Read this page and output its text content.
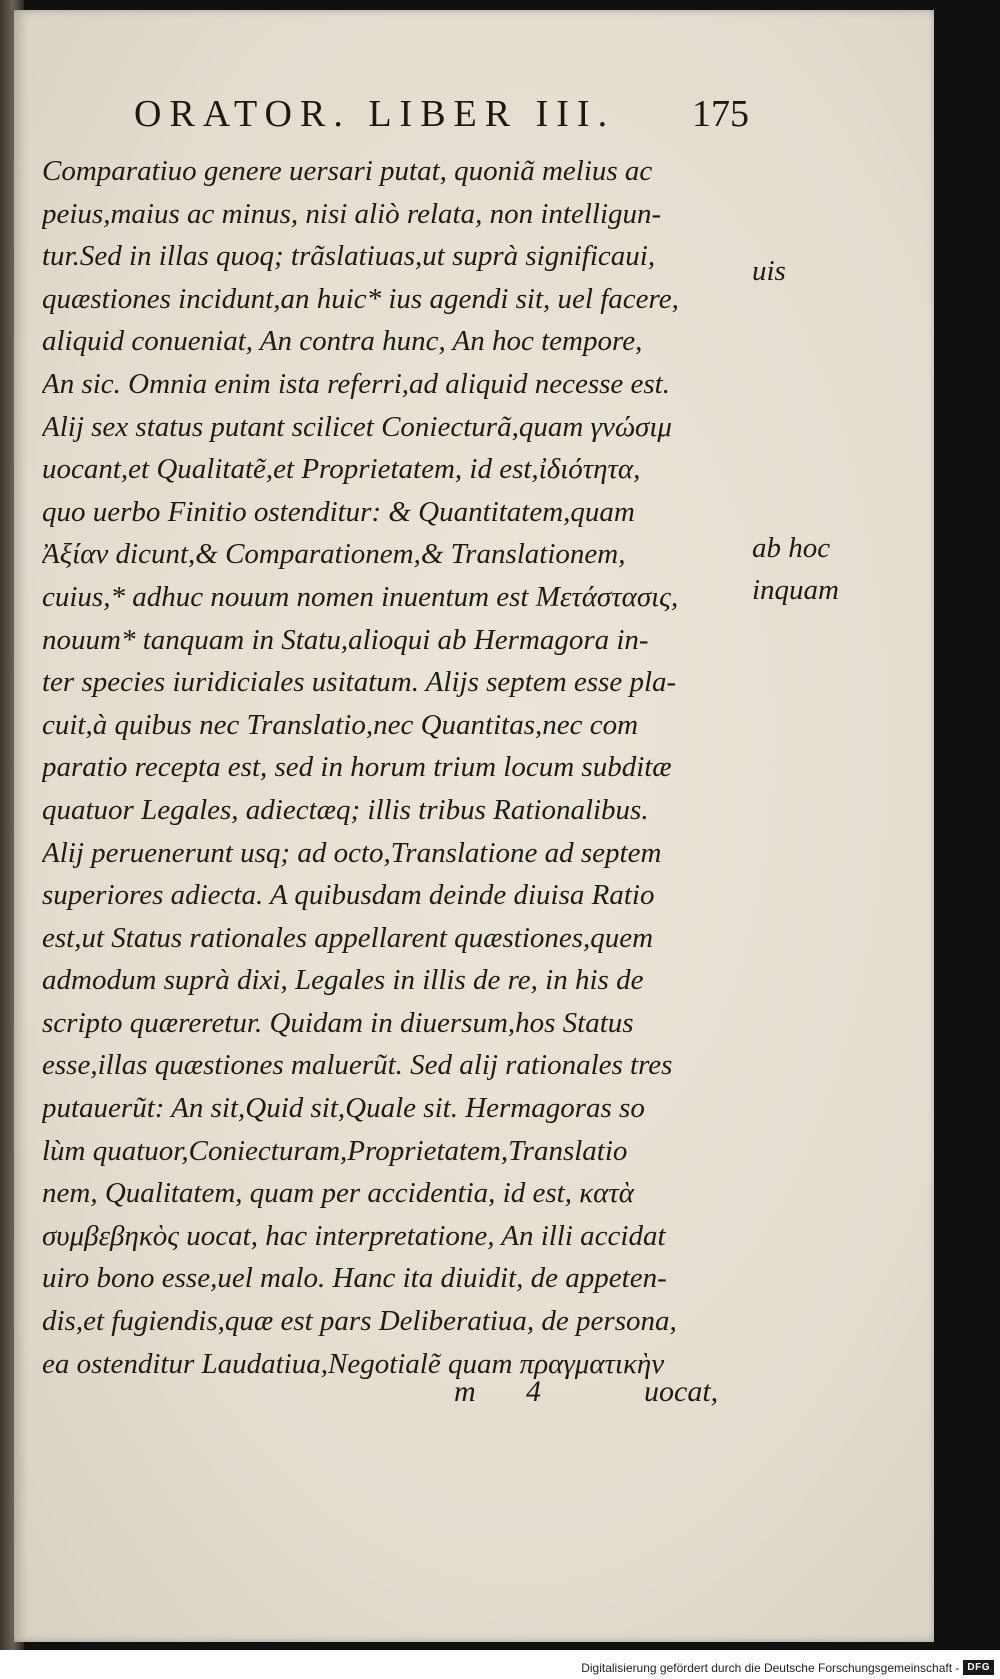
ORATOR. LIBER III.	175
Comparatiuo genere uersari putat, quoniã melius ac
peius,maius ac minus, nisi aliò relata, non intelligun-
tur.Sed in illas quoq; trãslatiuas,ut suprà significaui,
quæstiones incidunt,an huic* ius agendi sit, uel facere,
aliquid conueniat, An contra hunc, An hoc tempore,
An sic. Omnia enim ista referri,ad aliquid necesse est.
Alij sex status putant scilicet Coniecturã,quam γνώσιμ
uocant,et Qualitatẽ,et Proprietatem, id est,ἰδιότητα,
quo uerbo Finitio ostenditur: & Quantitatem,quam
Ἀξίαν dicunt,& Comparationem,& Translationem,
cuius,* adhuc nouum nomen inuentum est Μετάστασις,
nouum* tanquam in Statu,alioqui ab Hermagora in-
ter species iuridiciales usitatum. Alijs septem esse pla-
cuit,à quibus nec Translatio,nec Quantitas,nec com
paratio recepta est, sed in horum trium locum subditæ
quatuor Legales, adiectæq; illis tribus Rationalibus.
Alij peruenerunt usq; ad octo,Translatione ad septem
superiores adiecta. A quibusdam deinde diuisa Ratio
est,ut Status rationales appellarent quæstiones,quem
admodum suprà dixi, Legales in illis de re, in his de
scripto quæreretur. Quidam in diuersum,hos Status
esse,illas quæstiones maluerũt. Sed alij rationales tres
putauerũt: An sit,Quid sit,Quale sit. Hermagoras so
lùm quatuor,Coniecturam,Proprietatem,Translatio
nem, Qualitatem, quam per accidentia, id est, κατὰ
συμβεβηκὸς uocat, hac interpretatione, An illi accidat
uiro bono esse,uel malo. Hanc ita diuidit, de appeten-
dis,et fugiendis,quæ est pars Deliberatiua, de persona,
ea ostenditur Laudatiua,Negotialẽ quam πραγματικὴν
uis
ab hoc
inquam
m 4	uocat,
Digitalisierung gefördert durch die Deutsche Forschungsgemeinschaft - DFG
